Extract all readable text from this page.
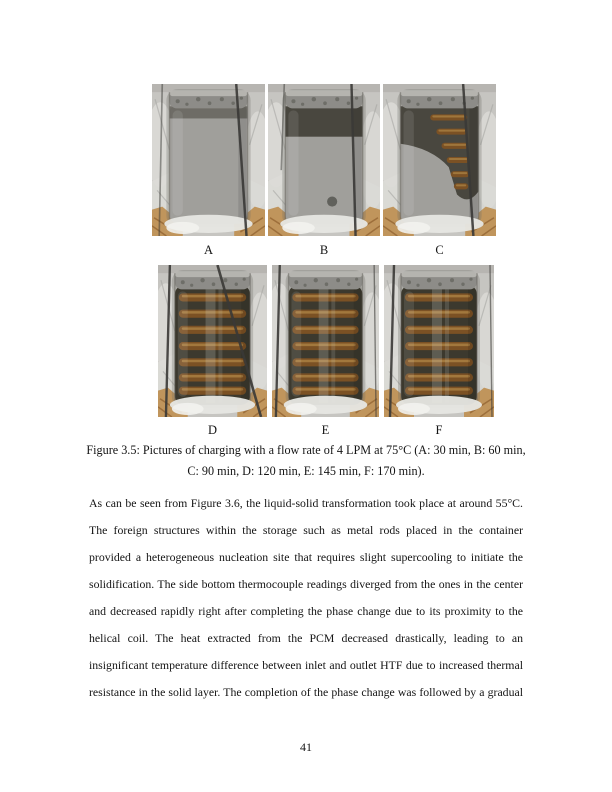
A	B	C
D	E	F
Figure 3.5: Pictures of charging with a flow rate of 4 LPM at 75°C (A: 30 min, B: 60 min,
C: 90 min, D: 120 min, E: 145 min, F: 170 min).
As can be seen from Figure 3.6, the liquid-solid transformation took place at around 55°C.
The foreign structures within the storage such as metal rods placed in the container
provided a heterogeneous nucleation site that requires slight supercooling to initiate the
solidification. The side bottom thermocouple readings diverged from the ones in the center
and decreased rapidly right after completing the phase change due to its proximity to the
helical coil. The heat extracted from the PCM decreased drastically, leading to an
insignificant temperature difference between inlet and outlet HTF due to increased thermal
resistance in the solid layer. The completion of the phase change was followed by a gradual
41
